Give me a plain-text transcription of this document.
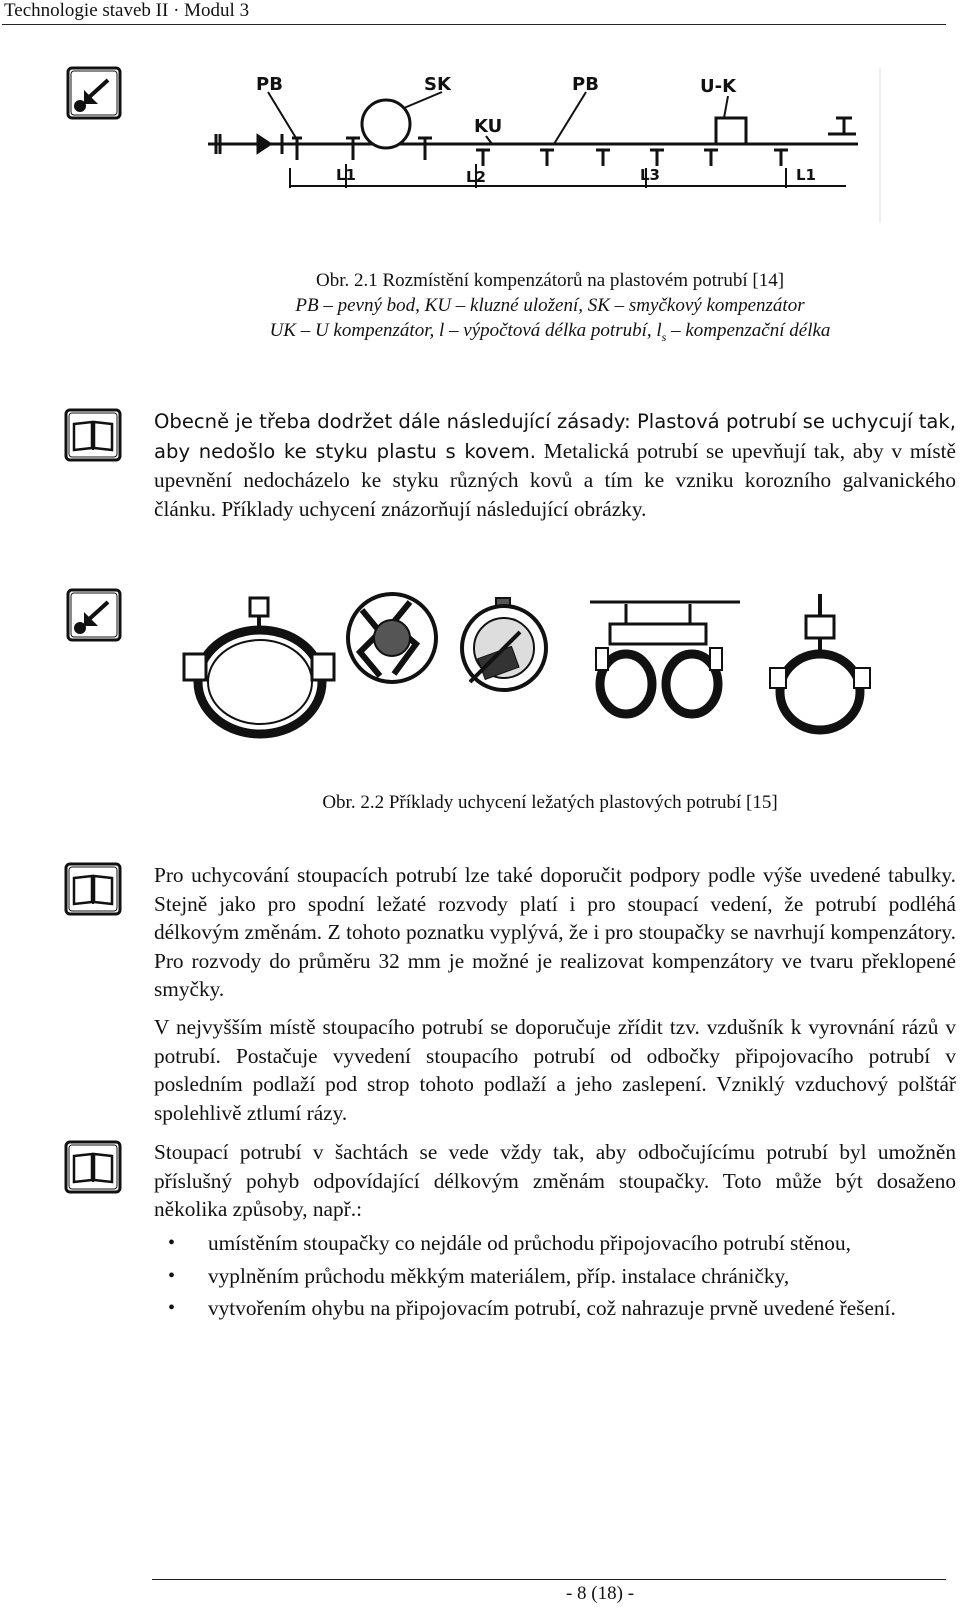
Technologie staveb II · Modul 3
PB	SK
KU
PB	U-K
L1	L2	L3	L1
Obr. 2.1 Rozmístění kompenzátorů na plastovém potrubí [14]
PB – pevný bod, KU – kluzné uložení, SK – smyčkový kompenzátor
UK – U kompenzátor, l – výpočtová délka potrubí, $l_s$ – kompenzační délka
Obecně je třeba dodržet dále následující zásady: Plastová potrubí se uchycují tak, aby nedošlo ke styku plastu s kovem. Metalická potrubí se upevňují tak, aby v místě upevnění nedocházelo ke styku různých kovů a tím ke vzniku korozního galvanického článku. Příklady uchycení znázorňují následující obrázky.
Obr. 2.2 Příklady uchycení ležatých plastových potrubí [15]
Pro uchycování stoupacích potrubí lze také doporučit podpory podle výše uvedené tabulky. Stejně jako pro spodní ležaté rozvody platí i pro stoupací vedení, že potrubí podléhá délkovým změnám. Z tohoto poznatku vyplývá, že i pro stoupačky se navrhují kompenzátory. Pro rozvody do průměru 32 mm je možné je realizovat kompenzátory ve tvaru překlopené smyčky.
V nejvyšším místě stoupacího potrubí se doporučuje zřídit tzv. vzdušník k vyrovnání rázů v potrubí. Postačuje vyvedení stoupacího potrubí od odbočky připojovacího potrubí v posledním podlaží pod strop tohoto podlaží a jeho zaslepení. Vzniklý vzduchový polštář spolehlivě ztlumí rázy.
Stoupací potrubí v šachtách se vede vždy tak, aby odbočujícímu potrubí byl umožněn příslušný pohyb odpovídající délkovým změnám stoupačky. Toto může být dosaženo několika způsoby, např.:
• umístěním stoupačky co nejdále od průchodu připojovacího potrubí stěnou,
• vyplněním průchodu měkkým materiálem, příp. instalace chráničky,
• vytvořením ohybu na připojovacím potrubí, což nahrazuje prvně uvedené řešení.
- 8 (18) -
